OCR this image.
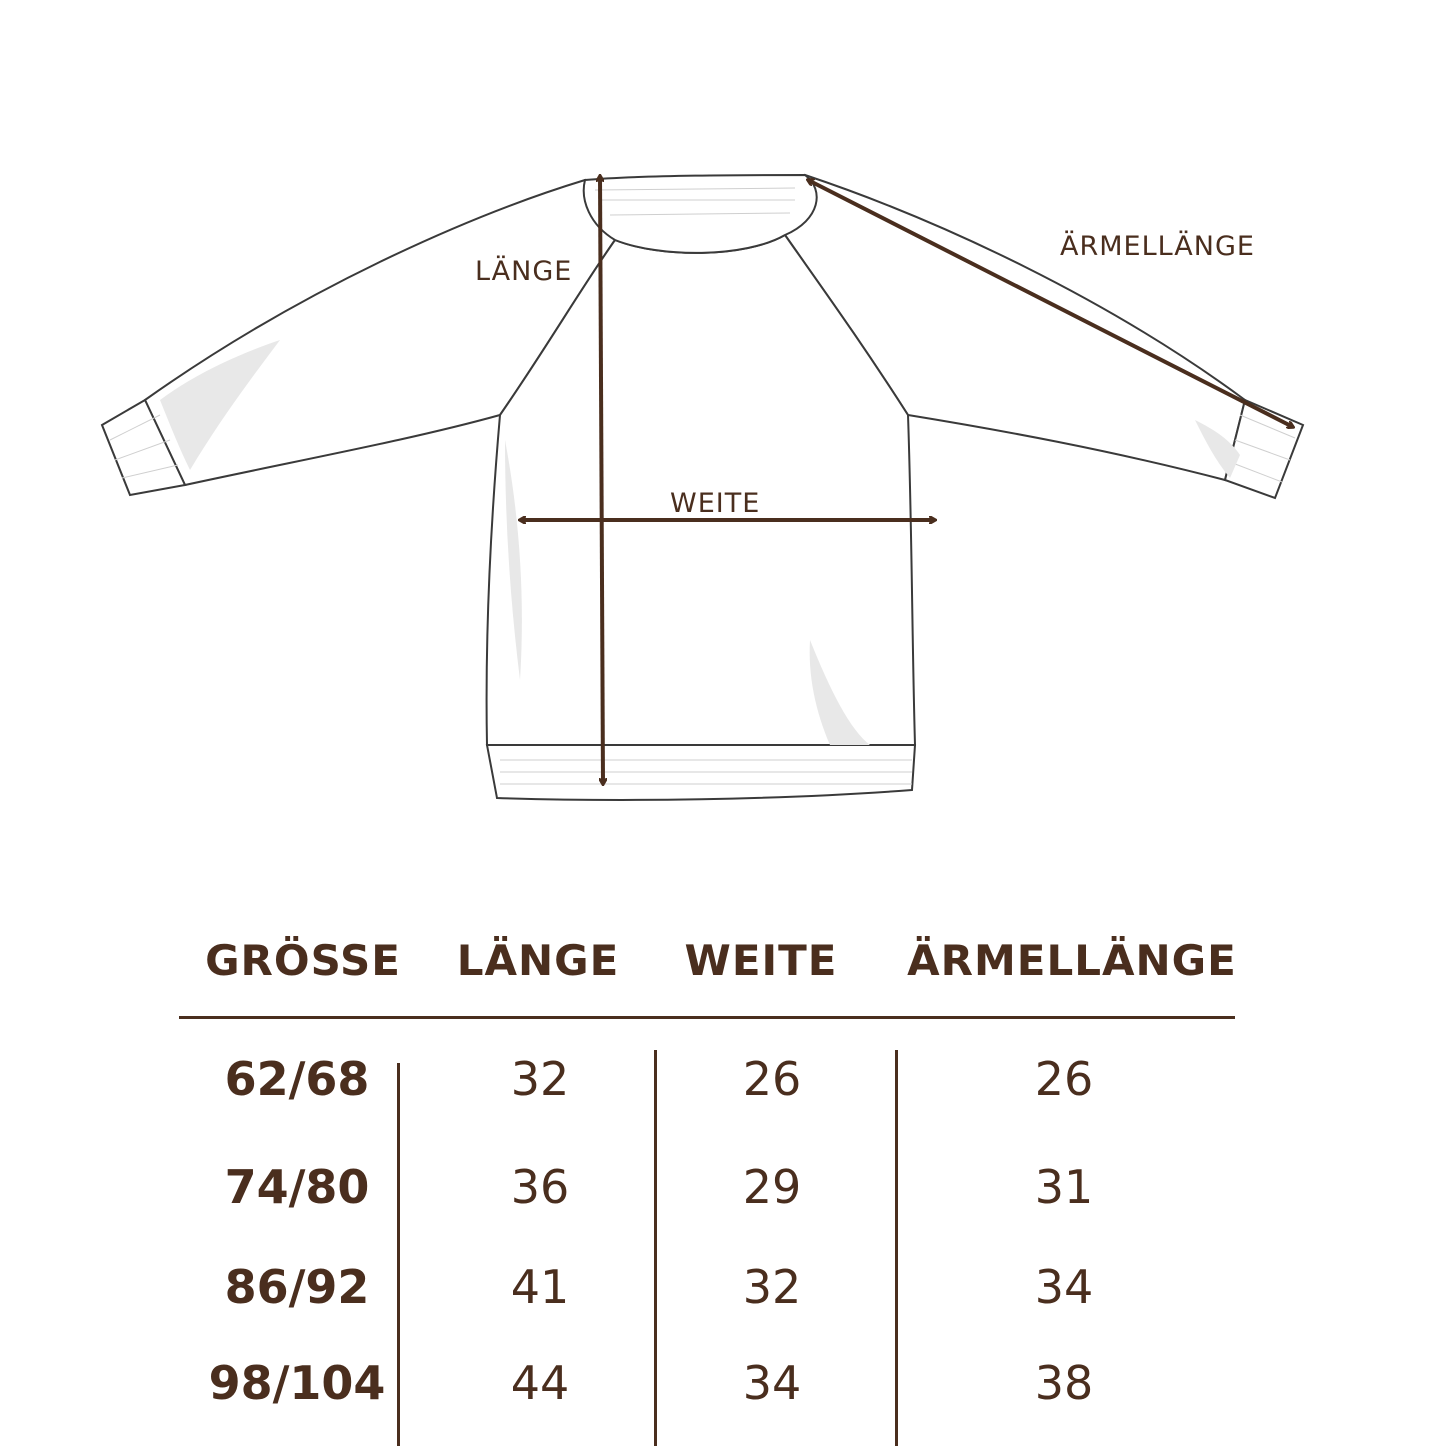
LÄNGE
WEITE
ÄRMELLÄNGE
GRÖSSE LÄNGE WEITE ÄRMELLÄNGE
62/68	32	26	26
74/80	36	29	31
86/92	41	32	34
98/104	44	34	38
